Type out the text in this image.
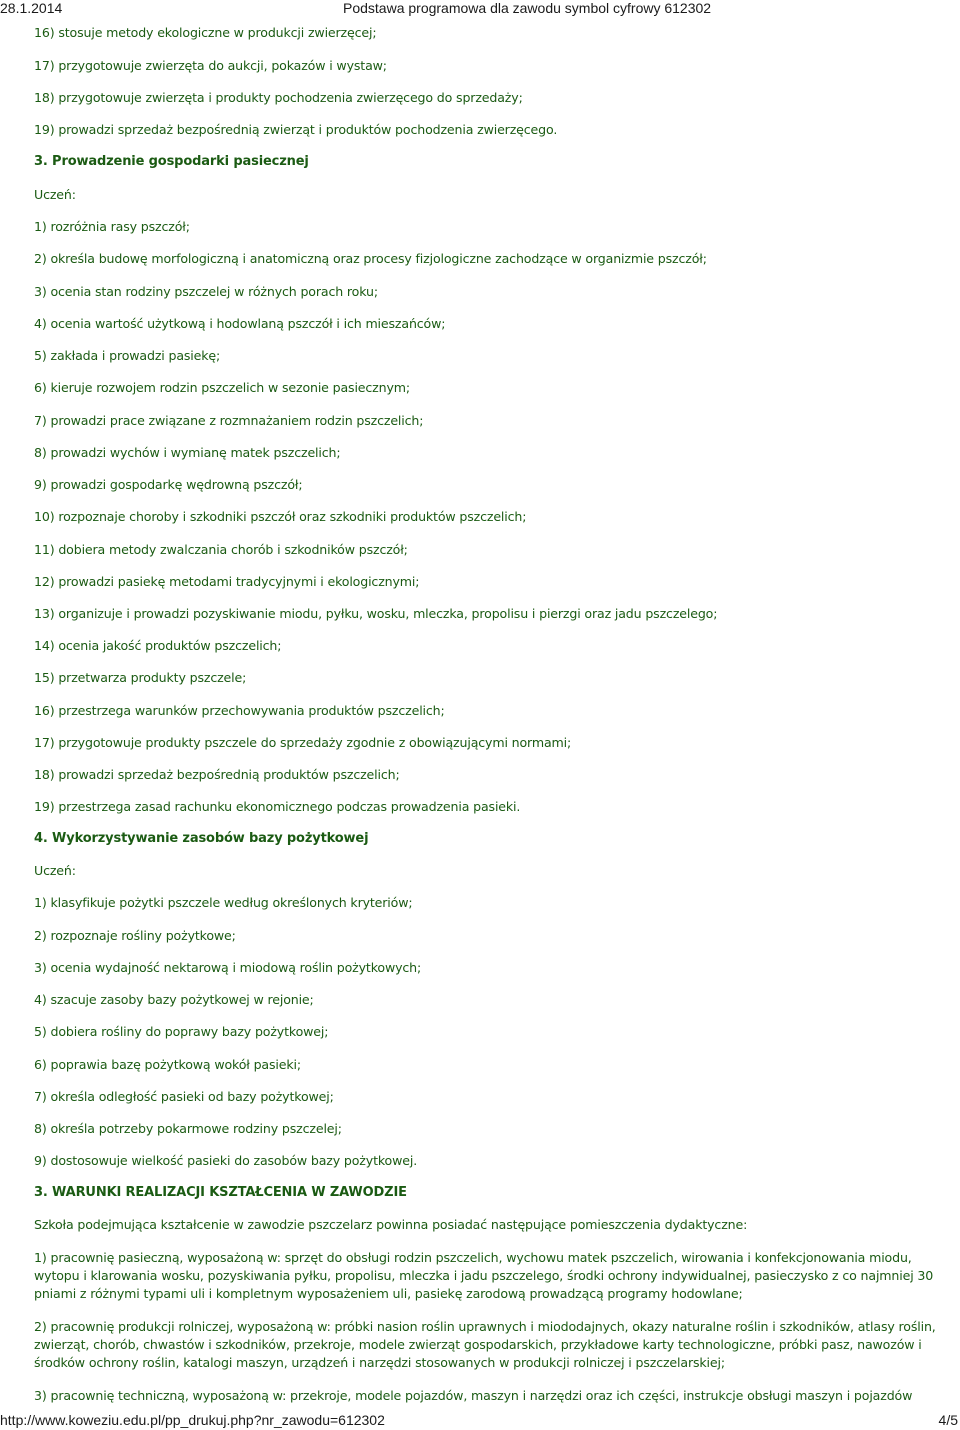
28.1.2014	Podstawa programowa dla zawodu symbol cyfrowy 612302

16) stosuje metody ekologiczne w produkcji zwierzęcej;

17) przygotowuje zwierzęta do aukcji, pokazów i wystaw;

18) przygotowuje zwierzęta i produkty pochodzenia zwierzęcego do sprzedaży;

19) prowadzi sprzedaż bezpośrednią zwierząt i produktów pochodzenia zwierzęcego.

3. Prowadzenie gospodarki pasiecznej

Uczeń:

1) rozróżnia rasy pszczół;

2) określa budowę morfologiczną i anatomiczną oraz procesy fizjologiczne zachodzące w organizmie pszczół;

3) ocenia stan rodziny pszczelej w różnych porach roku;

4) ocenia wartość użytkową i hodowlaną pszczół i ich mieszańców;

5) zakłada i prowadzi pasiekę;

6) kieruje rozwojem rodzin pszczelich w sezonie pasiecznym;

7) prowadzi prace związane z rozmnażaniem rodzin pszczelich;

8) prowadzi wychów i wymianę matek pszczelich;

9) prowadzi gospodarkę wędrowną pszczół;

10) rozpoznaje choroby i szkodniki pszczół oraz szkodniki produktów pszczelich;

11) dobiera metody zwalczania chorób i szkodników pszczół;

12) prowadzi pasiekę metodami tradycyjnymi i ekologicznymi;

13) organizuje i prowadzi pozyskiwanie miodu, pyłku, wosku, mleczka, propolisu i pierzgi oraz jadu pszczelego;

14) ocenia jakość produktów pszczelich;

15) przetwarza produkty pszczele;

16) przestrzega warunków przechowywania produktów pszczelich;

17) przygotowuje produkty pszczele do sprzedaży zgodnie z obowiązującymi normami;

18) prowadzi sprzedaż bezpośrednią produktów pszczelich;

19) przestrzega zasad rachunku ekonomicznego podczas prowadzenia pasieki.

4. Wykorzystywanie zasobów bazy pożytkowej

Uczeń:

1) klasyfikuje pożytki pszczele według określonych kryteriów;

2) rozpoznaje rośliny pożytkowe;

3) ocenia wydajność nektarową i miodową roślin pożytkowych;

4) szacuje zasoby bazy pożytkowej w rejonie;

5) dobiera rośliny do poprawy bazy pożytkowej;

6) poprawia bazę pożytkową wokół pasieki;

7) określa odległość pasieki od bazy pożytkowej;

8) określa potrzeby pokarmowe rodziny pszczelej;

9) dostosowuje wielkość pasieki do zasobów bazy pożytkowej.

3. WARUNKI REALIZACJI KSZTAŁCENIA W ZAWODZIE

Szkoła podejmująca kształcenie w zawodzie pszczelarz powinna posiadać następujące pomieszczenia dydaktyczne:

1) pracownię pasieczną, wyposażoną w: sprzęt do obsługi rodzin pszczelich, wychowu matek pszczelich, wirowania i konfekcjonowania miodu, wytopu i klarowania wosku, pozyskiwania pyłku, propolisu, mleczka i jadu pszczelego, środki ochrony indywidualnej, pasieczysko z co najmniej 30 pniami z różnymi typami uli i kompletnym wyposażeniem uli, pasiekę zarodową prowadzącą programy hodowlane;

2) pracownię produkcji rolniczej, wyposażoną w: próbki nasion roślin uprawnych i miododajnych, okazy naturalne roślin i szkodników, atlasy roślin, zwierząt, chorób, chwastów i szkodników, przekroje, modele zwierząt gospodarskich, przykładowe karty technologiczne, próbki pasz, nawozów i środków ochrony roślin, katalogi maszyn, urządzeń i narzędzi stosowanych w produkcji rolniczej i pszczelarskiej;

3) pracownię techniczną, wyposażoną w: przekroje, modele pojazdów, maszyn i narzędzi oraz ich części, instrukcje obsługi maszyn i pojazdów

http://www.koweziu.edu.pl/pp_drukuj.php?nr_zawodu=612302	4/5
